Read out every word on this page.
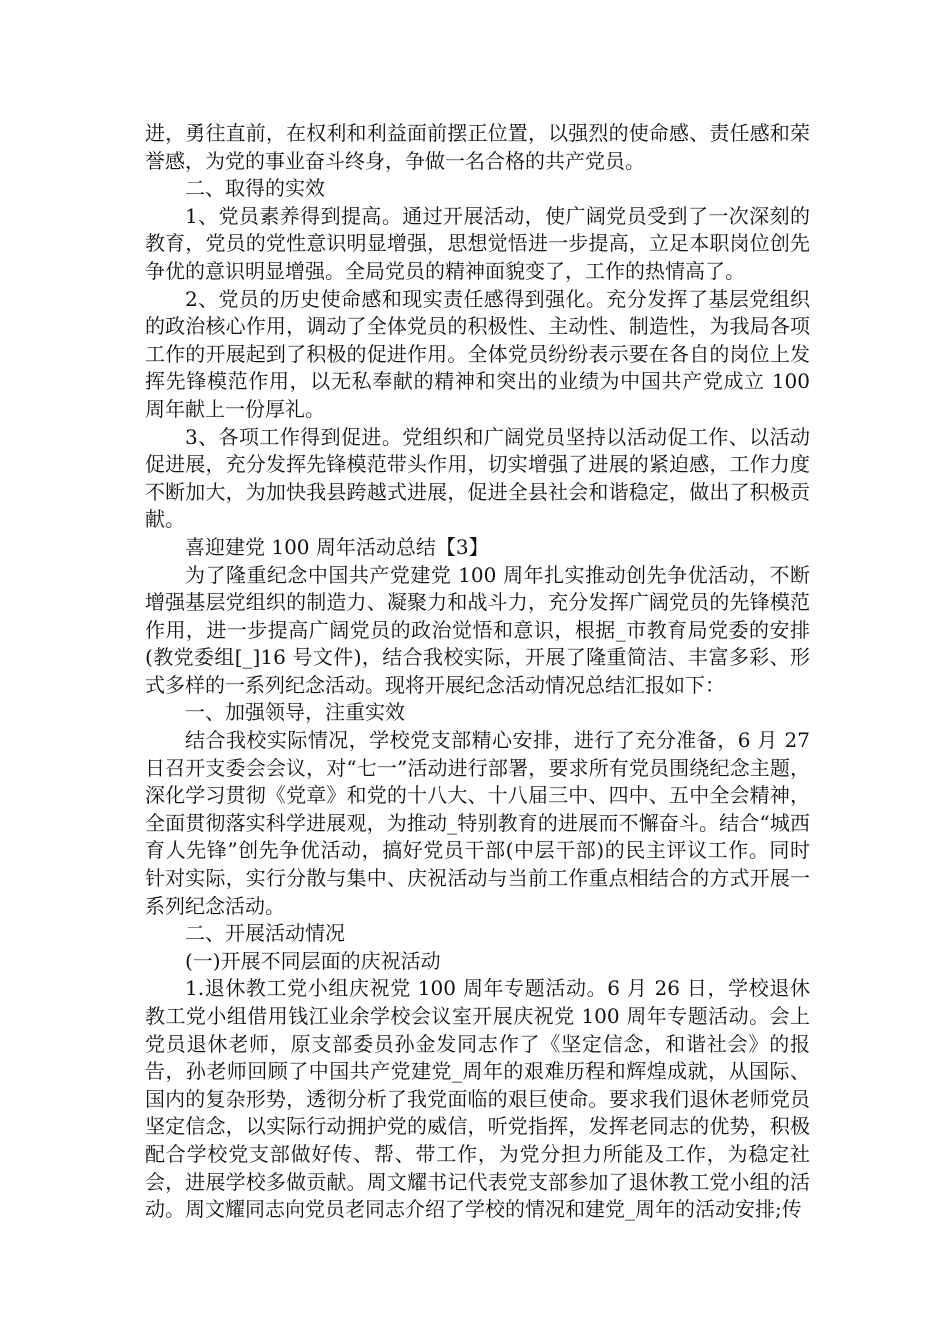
进，勇往直前，在权利和利益面前摆正位置，以强烈的使命感、责任感和荣誉感，为党的事业奋斗终身，争做一名合格的共产党员。

二、取得的实效

1、党员素养得到提高。通过开展活动，使广阔党员受到了一次深刻的教育，党员的党性意识明显增强，思想觉悟进一步提高，立足本职岗位创先争优的意识明显增强。全局党员的精神面貌变了，工作的热情高了。

2、党员的历史使命感和现实责任感得到强化。充分发挥了基层党组织的政治核心作用，调动了全体党员的积极性、主动性、制造性，为我局各项工作的开展起到了积极的促进作用。全体党员纷纷表示要在各自的岗位上发挥先锋模范作用，以无私奉献的精神和突出的业绩为中国共产党成立 100 周年献上一份厚礼。

3、各项工作得到促进。党组织和广阔党员坚持以活动促工作、以活动促进展，充分发挥先锋模范带头作用，切实增强了进展的紧迫感，工作力度不断加大，为加快我县跨越式进展，促进全县社会和谐稳定，做出了积极贡献。

喜迎建党 100 周年活动总结【3】

为了隆重纪念中国共产党建党 100 周年扎实推动创先争优活动，不断增强基层党组织的制造力、凝聚力和战斗力，充分发挥广阔党员的先锋模范作用，进一步提高广阔党员的政治觉悟和意识，根据_市教育局党委的安排(教党委组[_]16 号文件)，结合我校实际，开展了隆重简洁、丰富多彩、形式多样的一系列纪念活动。现将开展纪念活动情况总结汇报如下：

一、加强领导，注重实效

结合我校实际情况，学校党支部精心安排，进行了充分准备，6 月 27 日召开支委会会议，对“七一”活动进行部署，要求所有党员围绕纪念主题，深化学习贯彻《党章》和党的十八大、十八届三中、四中、五中全会精神，全面贯彻落实科学进展观，为推动_特别教育的进展而不懈奋斗。结合“城西育人先锋”创先争优活动，搞好党员干部(中层干部)的民主评议工作。同时针对实际，实行分散与集中、庆祝活动与当前工作重点相结合的方式开展一系列纪念活动。

二、开展活动情况

(一)开展不同层面的庆祝活动

1.退休教工党小组庆祝党 100 周年专题活动。6 月 26 日，学校退休教工党小组借用钱江业余学校会议室开展庆祝党 100 周年专题活动。会上党员退休老师，原支部委员孙金发同志作了《坚定信念，和谐社会》的报告，孙老师回顾了中国共产党建党_周年的艰难历程和辉煌成就，从国际、国内的复杂形势，透彻分析了我党面临的艰巨使命。要求我们退休老师党员坚定信念，以实际行动拥护党的威信，听党指挥，发挥老同志的优势，积极配合学校党支部做好传、帮、带工作，为党分担力所能及工作，为稳定社会，进展学校多做贡献。周文耀书记代表党支部参加了退休教工党小组的活动。周文耀同志向党员老同志介绍了学校的情况和建党_周年的活动安排;传
